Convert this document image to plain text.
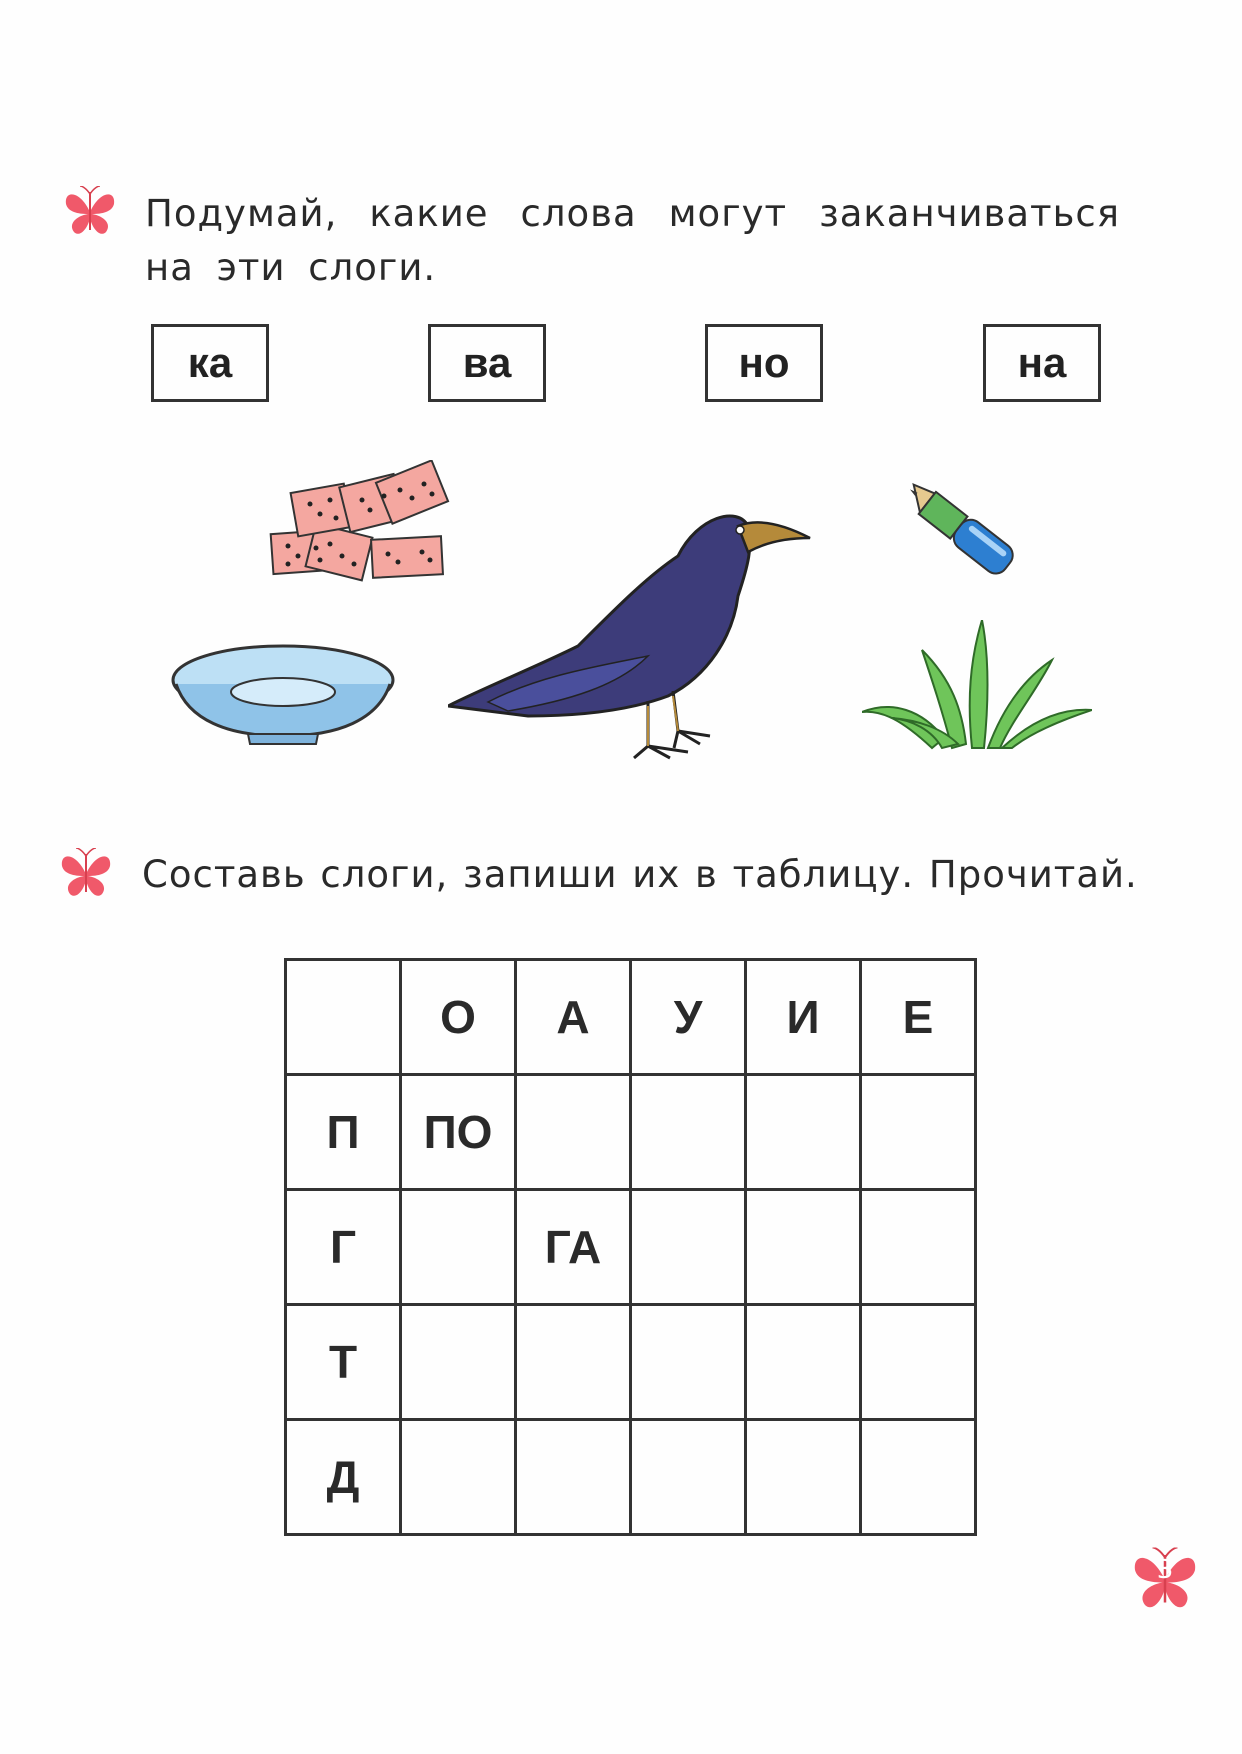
Подумай, какие слова могут заканчиваться
на эти слоги.
ка	ва	но	на
Составь слоги, запиши их в таблицу. Прочитай.
	О	А	У	И	Е
П	ПО				
Г		ГА			
Т					
Д					
3
